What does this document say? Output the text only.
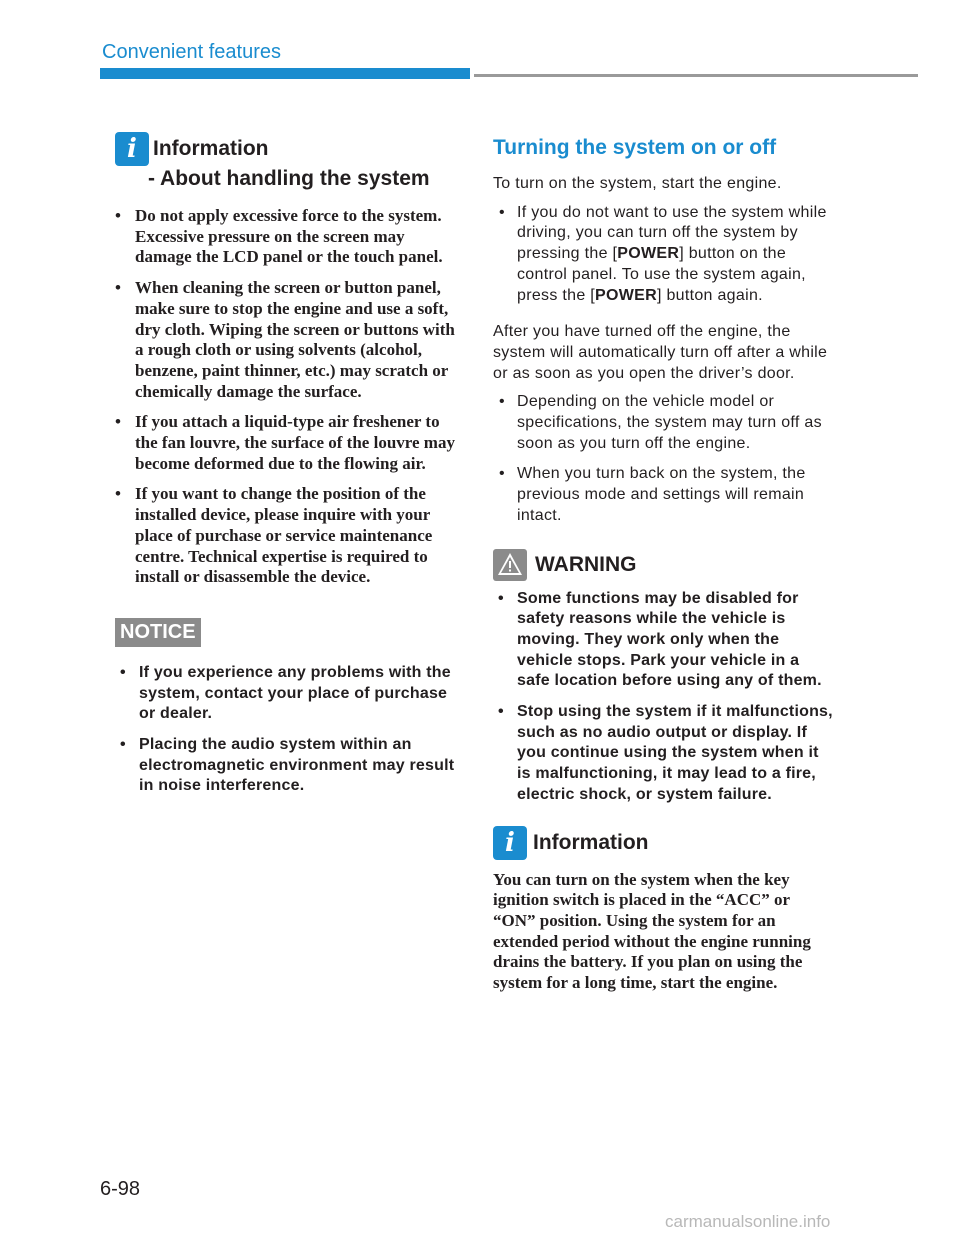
Convenient features
i Information
- About handling the system
• Do not apply excessive force to the system. Excessive pressure on the screen may damage the LCD panel or the touch panel.
• When cleaning the screen or button panel, make sure to stop the engine and use a soft, dry cloth. Wiping the screen or buttons with a rough cloth or using solvents (alcohol, benzene, paint thinner, etc.) may scratch or chemically damage the surface.
• If you attach a liquid-type air freshener to the fan louvre, the surface of the louvre may become deformed due to the flowing air.
• If you want to change the position of the installed device, please inquire with your place of purchase or service maintenance centre. Technical expertise is required to install or disassemble the device.
NOTICE
• If you experience any problems with the system, contact your place of purchase or dealer.
• Placing the audio system within an electromagnetic environment may result in noise interference.
Turning the system on or off

To turn on the system, start the engine.

• If you do not want to use the system while driving, you can turn off the system by pressing the [POWER] button on the control panel. To use the system again, press the [POWER] button again.

After you have turned off the engine, the system will automatically turn off after a while or as soon as you open the driver’s door.

• Depending on the vehicle model or specifications, the system may turn off as soon as you turn off the engine.
• When you turn back on the system, the previous mode and settings will remain intact.
WARNING
• Some functions may be disabled for safety reasons while the vehicle is moving. They work only when the vehicle stops. Park your vehicle in a safe location before using any of them.
• Stop using the system if it malfunctions, such as no audio output or display. If you continue using the system when it is malfunctioning, it may lead to a fire, electric shock, or system failure.
i Information
You can turn on the system when the key ignition switch is placed in the “ACC” or “ON” position. Using the system for an extended period without the engine running drains the battery. If you plan on using the system for a long time, start the engine.
6-98
carmanualsonline.info
